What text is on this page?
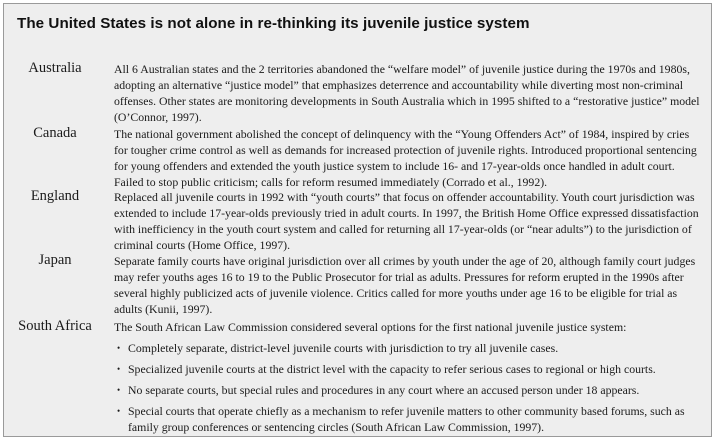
The United States is not alone in re-thinking its juvenile justice system
Australia	All 6 Australian states and the 2 territories abandoned the “welfare model” of juvenile justice during the 1970s and 1980s, adopting an alternative “justice model” that emphasizes deterrence and accountability while diverting most non-criminal offenses. Other states are monitoring developments in South Australia which in 1995 shifted to a “restorative justice” model (O’Connor, 1997).

Canada	The national government abolished the concept of delinquency with the “Young Offenders Act” of 1984, inspired by cries for tougher crime control as well as demands for increased protection of juvenile rights. Introduced proportional sentencing for young offenders and extended the youth justice system to include 16- and 17-year-olds once handled in adult court. Failed to stop public criticism; calls for reform resumed immediately (Corrado et al., 1992).

England	Replaced all juvenile courts in 1992 with “youth courts” that focus on offender accountability. Youth court jurisdiction was extended to include 17-year-olds previously tried in adult courts. In 1997, the British Home Office expressed dissatisfaction with inefficiency in the youth court system and called for returning all 17-year-olds (or “near adults”) to the jurisdiction of criminal courts (Home Office, 1997).

Japan	Separate family courts have original jurisdiction over all crimes by youth under the age of 20, although family court judges may refer youths ages 16 to 19 to the Public Prosecutor for trial as adults. Pressures for reform erupted in the 1990s after several highly publicized acts of juvenile violence. Critics called for more youths under age 16 to be eligible for trial as adults (Kunii, 1997).

South Africa	The South African Law Commission considered several options for the first national juvenile justice system:

• Completely separate, district-level juvenile courts with jurisdiction to try all juvenile cases.
• Specialized juvenile courts at the district level with the capacity to refer serious cases to regional or high courts.
• No separate courts, but special rules and procedures in any court where an accused person under 18 appears.
• Special courts that operate chiefly as a mechanism to refer juvenile matters to other community based forums, such as family group conferences or sentencing circles (South African Law Commission, 1997).
